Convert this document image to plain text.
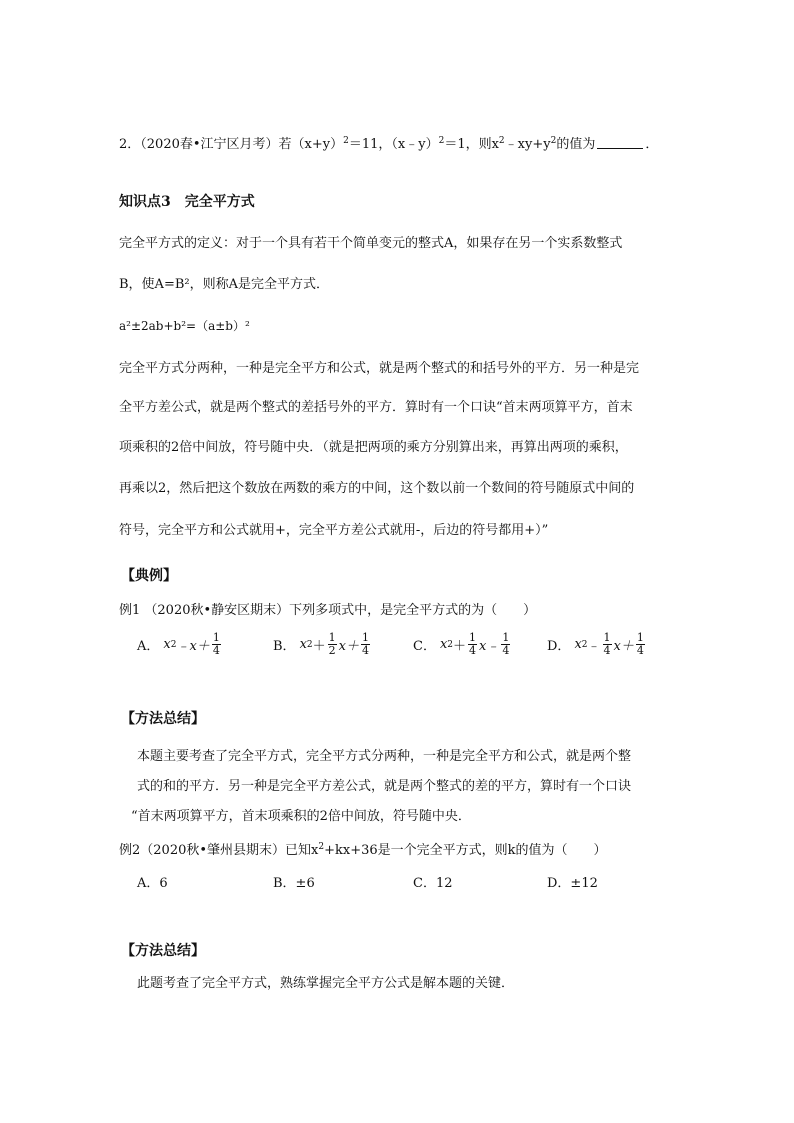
2．（2020春•江宁区月考）若$(x+y)^2=11$，（x﹣y）$^2$＝1，则$x^2﹣xy+y^2$的值为	．
知识点3　完全平方式
完全平方式的定义：对于一个具有若干个简单变元的整式A，如果存在另一个实系数整式
B，使A=B²，则称A是完全平方式．
a²±2ab+b²=（a±b）²
完全平方式分两种，一种是完全平方和公式，就是两个整式的和括号外的平方．另一种是完
全平方差公式，就是两个整式的差括号外的平方．算时有一个口诀“首末两项算平方，首末
项乘积的2倍中间放，符号随中央．（就是把两项的乘方分别算出来，再算出两项的乘积，
再乘以2，然后把这个数放在两数的乘方的中间，这个数以前一个数间的符号随原式中间的
符号，完全平方和公式就用+，完全平方差公式就用-，后边的符号都用+）”
【典例】
例1 （2020秋•静安区期末）下列多项式中，是完全平方式的为（　　）
A． x 2 ﹣x＋ $\frac{1}{4}$	B． x $2 + \frac{1}{2} x+ \frac{1}{4}$	C． x $2 + \frac{1}{4}$ x﹣ $\frac{1}{4}$	D． x 2 ﹣ $\frac{1}{4} x+ \frac{1}{4}$
【方法总结】
本题主要考查了完全平方式，完全平方式分两种，一种是完全平方和公式，就是两个整
式的和的平方．另一种是完全平方差公式，就是两个整式的差的平方，算时有一个口诀
“首末两项算平方，首末项乘积的2倍中间放，符号随中央．
例2（2020秋•肇州县期末）已知$x^2+kx+36$是一个完全平方式，则k的值为（　　）
A．6	B．±6	C．12	D．±12
【方法总结】
此题考查了完全平方式，熟练掌握完全平方公式是解本题的关键．
